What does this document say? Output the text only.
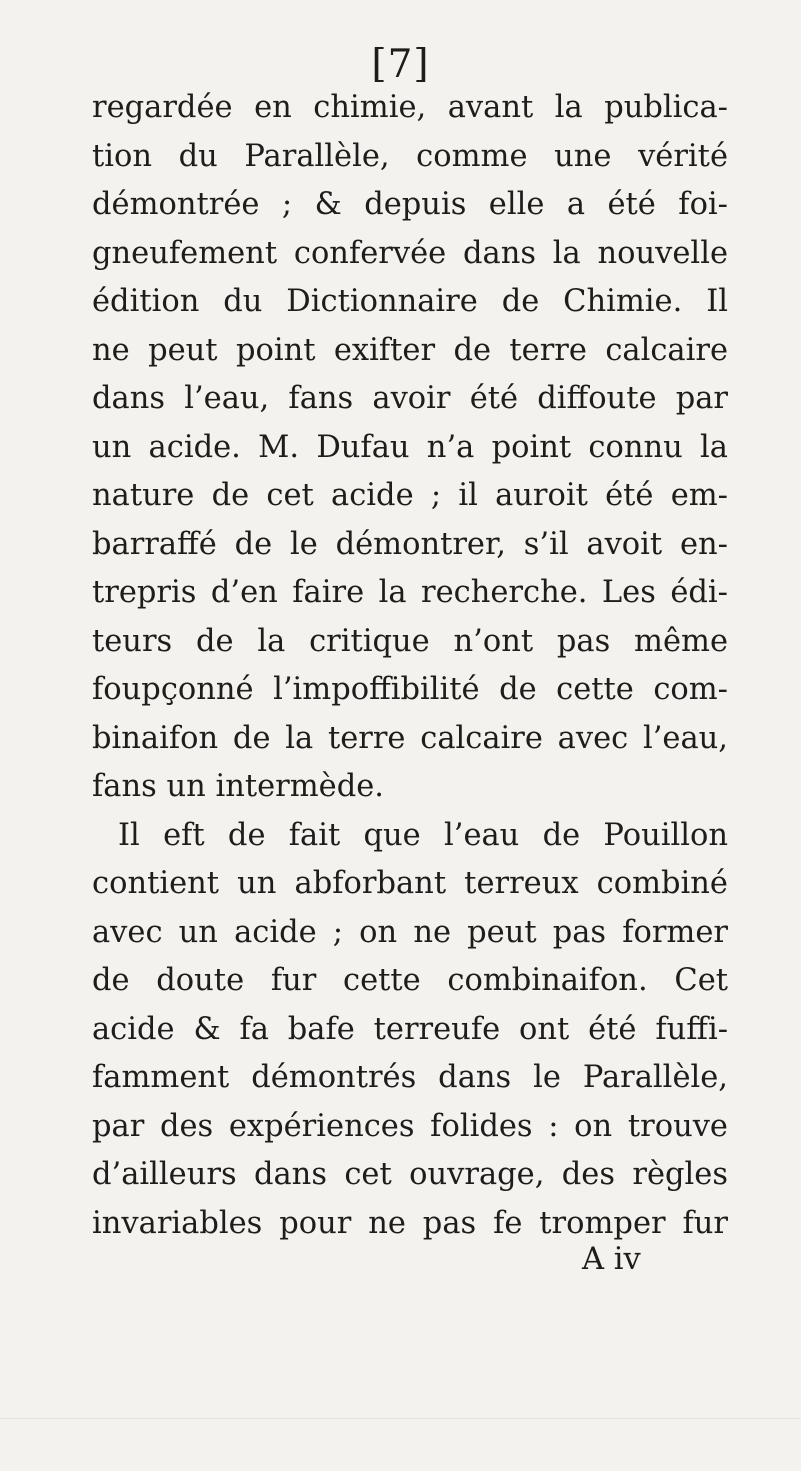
[7]
regardée en chimie, avant la publica-
tion du Parallèle, comme une vérité
démontrée ; & depuis elle a été foi-
gneufement confervée dans la nouvelle
édition du Dictionnaire de Chimie. Il
ne peut point exifter de terre calcaire
dans l’eau, fans avoir été diffoute par
un acide. M. Dufau n’a point connu la
nature de cet acide ; il auroit été em-
barraffé de le démontrer, s’il avoit en-
trepris d’en faire la recherche. Les édi-
teurs de la critique n’ont pas même
foupçonné l’impoffibilité de cette com-
binaifon de la terre calcaire avec l’eau,
fans un intermède.
Il eft de fait que l’eau de Pouillon
contient un abforbant terreux combiné
avec un acide ; on ne peut pas former
de doute fur cette combinaifon. Cet
acide & fa bafe terreufe ont été fuffi-
famment démontrés dans le Parallèle,
par des expériences folides : on trouve
d’ailleurs dans cet ouvrage, des règles
invariables pour ne pas fe tromper fur
A iv
